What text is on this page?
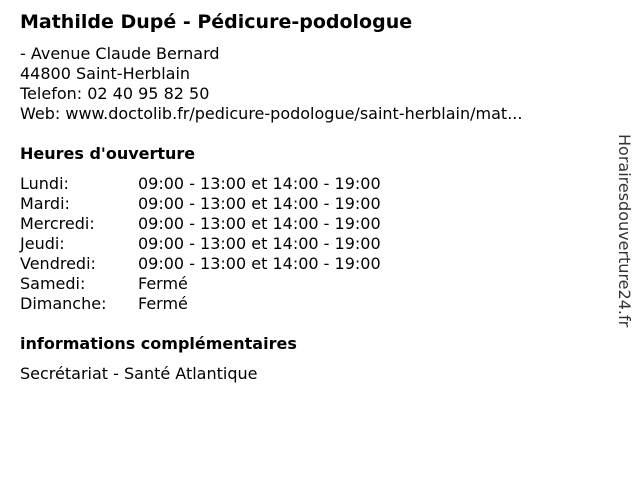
Mathilde Dupé - Pédicure-podologue
- Avenue Claude Bernard
44800 Saint-Herblain
Telefon: 02 40 95 82 50
Web: www.doctolib.fr/pedicure-podologue/saint-herblain/mat...
Heures d'ouverture
Lundi:	09:00 - 13:00 et 14:00 - 19:00
Mardi:	09:00 - 13:00 et 14:00 - 19:00
Mercredi:	09:00 - 13:00 et 14:00 - 19:00
Jeudi:	09:00 - 13:00 et 14:00 - 19:00
Vendredi:	09:00 - 13:00 et 14:00 - 19:00
Samedi:	Fermé
Dimanche:	Fermé
informations complémentaires
Secrétariat - Santé Atlantique
Horairesdouverture24.fr
